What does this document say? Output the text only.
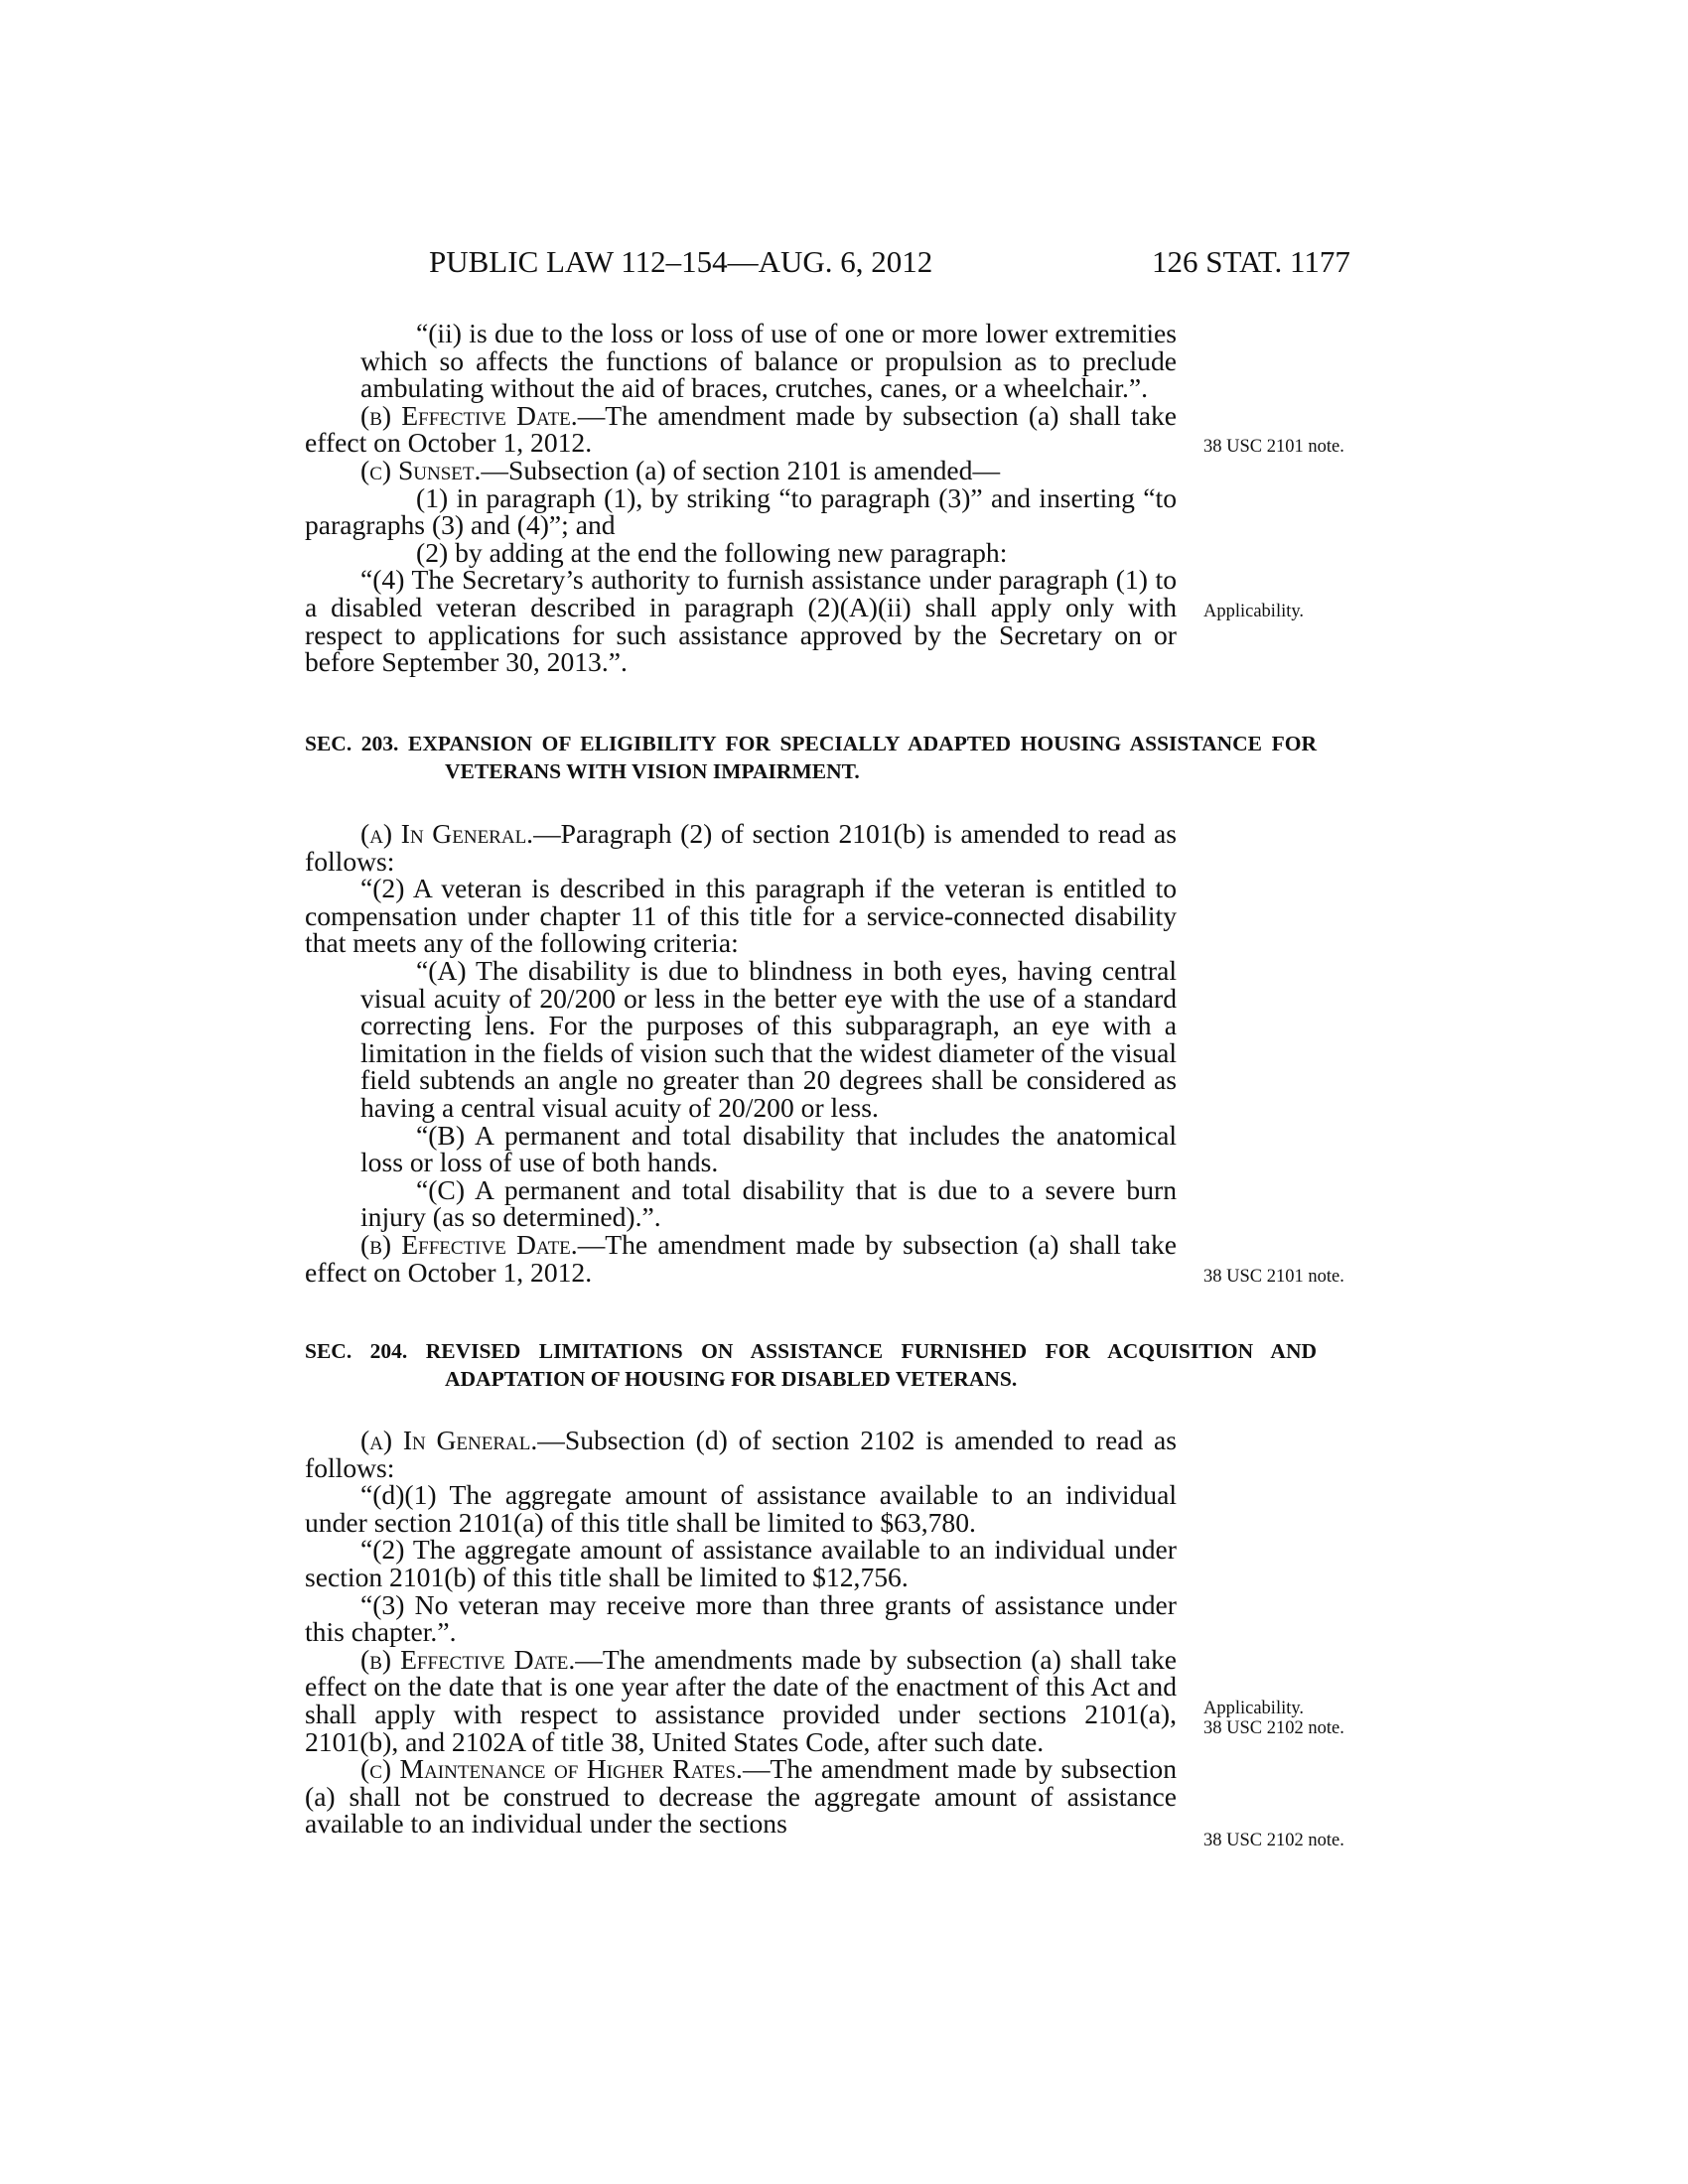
PUBLIC LAW 112–154—AUG. 6, 2012	126 STAT. 1177

“(ii) is due to the loss or loss of use of one or more lower extremities which so affects the functions of balance or propulsion as to preclude ambulating without the aid of braces, crutches, canes, or a wheelchair.”.

(b) Effective Date.—The amendment made by subsection (a) shall take effect on October 1, 2012.

(c) Sunset.—Subsection (a) of section 2101 is amended—

(1) in paragraph (1), by striking “to paragraph (3)” and inserting “to paragraphs (3) and (4)”; and

(2) by adding at the end the following new paragraph:

“(4) The Secretary’s authority to furnish assistance under paragraph (1) to a disabled veteran described in paragraph (2)(A)(ii) shall apply only with respect to applications for such assistance approved by the Secretary on or before September 30, 2013.”.

SEC. 203. EXPANSION OF ELIGIBILITY FOR SPECIALLY ADAPTED HOUSING ASSISTANCE FOR VETERANS WITH VISION IMPAIRMENT.

(a) In General.—Paragraph (2) of section 2101(b) is amended to read as follows:

“(2) A veteran is described in this paragraph if the veteran is entitled to compensation under chapter 11 of this title for a service-connected disability that meets any of the following criteria:

“(A) The disability is due to blindness in both eyes, having central visual acuity of 20/200 or less in the better eye with the use of a standard correcting lens. For the purposes of this subparagraph, an eye with a limitation in the fields of vision such that the widest diameter of the visual field subtends an angle no greater than 20 degrees shall be considered as having a central visual acuity of 20/200 or less.

“(B) A permanent and total disability that includes the anatomical loss or loss of use of both hands.

“(C) A permanent and total disability that is due to a severe burn injury (as so determined).”.

(b) Effective Date.—The amendment made by subsection (a) shall take effect on October 1, 2012.

SEC. 204. REVISED LIMITATIONS ON ASSISTANCE FURNISHED FOR ACQUISITION AND ADAPTATION OF HOUSING FOR DISABLED VETERANS.

(a) In General.—Subsection (d) of section 2102 is amended to read as follows:

“(d)(1) The aggregate amount of assistance available to an individual under section 2101(a) of this title shall be limited to $63,780.

“(2) The aggregate amount of assistance available to an individual under section 2101(b) of this title shall be limited to $12,756.

“(3) No veteran may receive more than three grants of assistance under this chapter.”.

(b) Effective Date.—The amendments made by subsection (a) shall take effect on the date that is one year after the date of the enactment of this Act and shall apply with respect to assistance provided under sections 2101(a), 2101(b), and 2102A of title 38, United States Code, after such date.

(c) Maintenance of Higher Rates.—The amendment made by subsection (a) shall not be construed to decrease the aggregate amount of assistance available to an individual under the sections

38 USC 2101 note.
Applicability.
38 USC 2101 note.
Applicability.
38 USC 2102 note.
38 USC 2102 note.
